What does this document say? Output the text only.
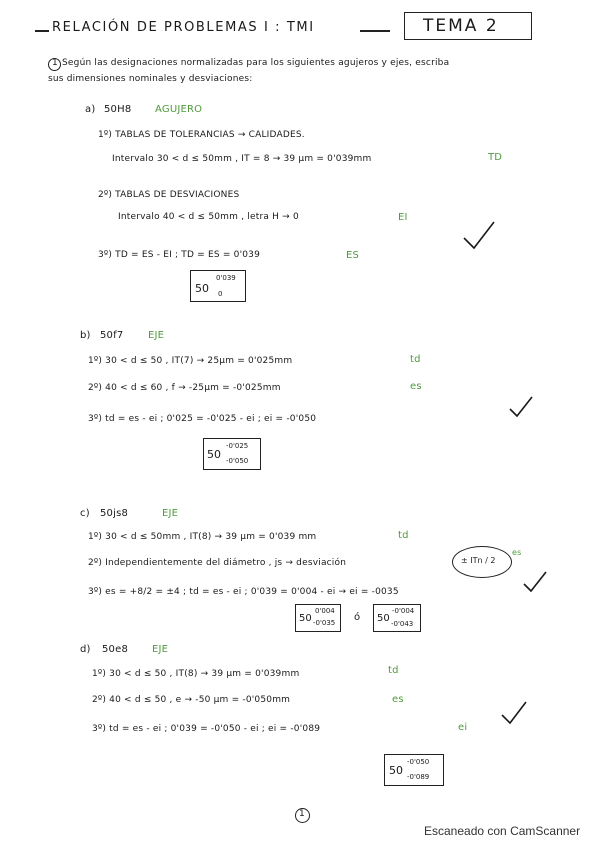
RELACIÓN DE PROBLEMAS I : TMI	TEMA 2
1 Según las designaciones normalizadas para los siguientes agujeros y ejes, escriba
sus dimensiones nominales y desviaciones:
a) 50H8 AGUJERO
1º) TABLAS DE TOLERANCIAS → CALIDADES.
Intervalo 30 < d ≤ 50mm , IT = 8 → 39 µm = 0'039mm	TD
2º) TABLAS DE DESVIACIONES
Intervalo 40 < d ≤ 50mm , letra H → 0	EI
3º) TD = ES - EI ; TD = ES = 0'039	ES
50
0'039
0
b) 50f7 EJE
1º) 30 < d ≤ 50 , IT(7) → 25µm = 0'025mm	td
2º) 40 < d ≤ 60 , f → -25µm = -0'025mm	es
3º) td = es - ei ; 0'025 = -0'025 - ei ; ei = -0'050
50
-0'025
-0'050
c) 50js8	EJE
1º) 30 < d ≤ 50mm , IT(8) → 39 µm = 0'039 mm	td
2º) Independientemente del diámetro , js → desviación	± ITn / 2
es
3º) es = +8/2 = ±4 ; td = es - ei ; 0'039 = 0'004 - ei → ei = -0035
50
0'004
-0'035 ó 50
-0'004
-0'043
d) 50e8 EJE
1º) 30 < d ≤ 50 , IT(8) → 39 µm = 0'039mm	td
2º) 40 < d ≤ 50 , e → -50 µm = -0'050mm	es
3º) td = es - ei ; 0'039 = -0'050 - ei ; ei = -0'089	ei
50
-0'050
-0'089
1
Escaneado con CamScanner
